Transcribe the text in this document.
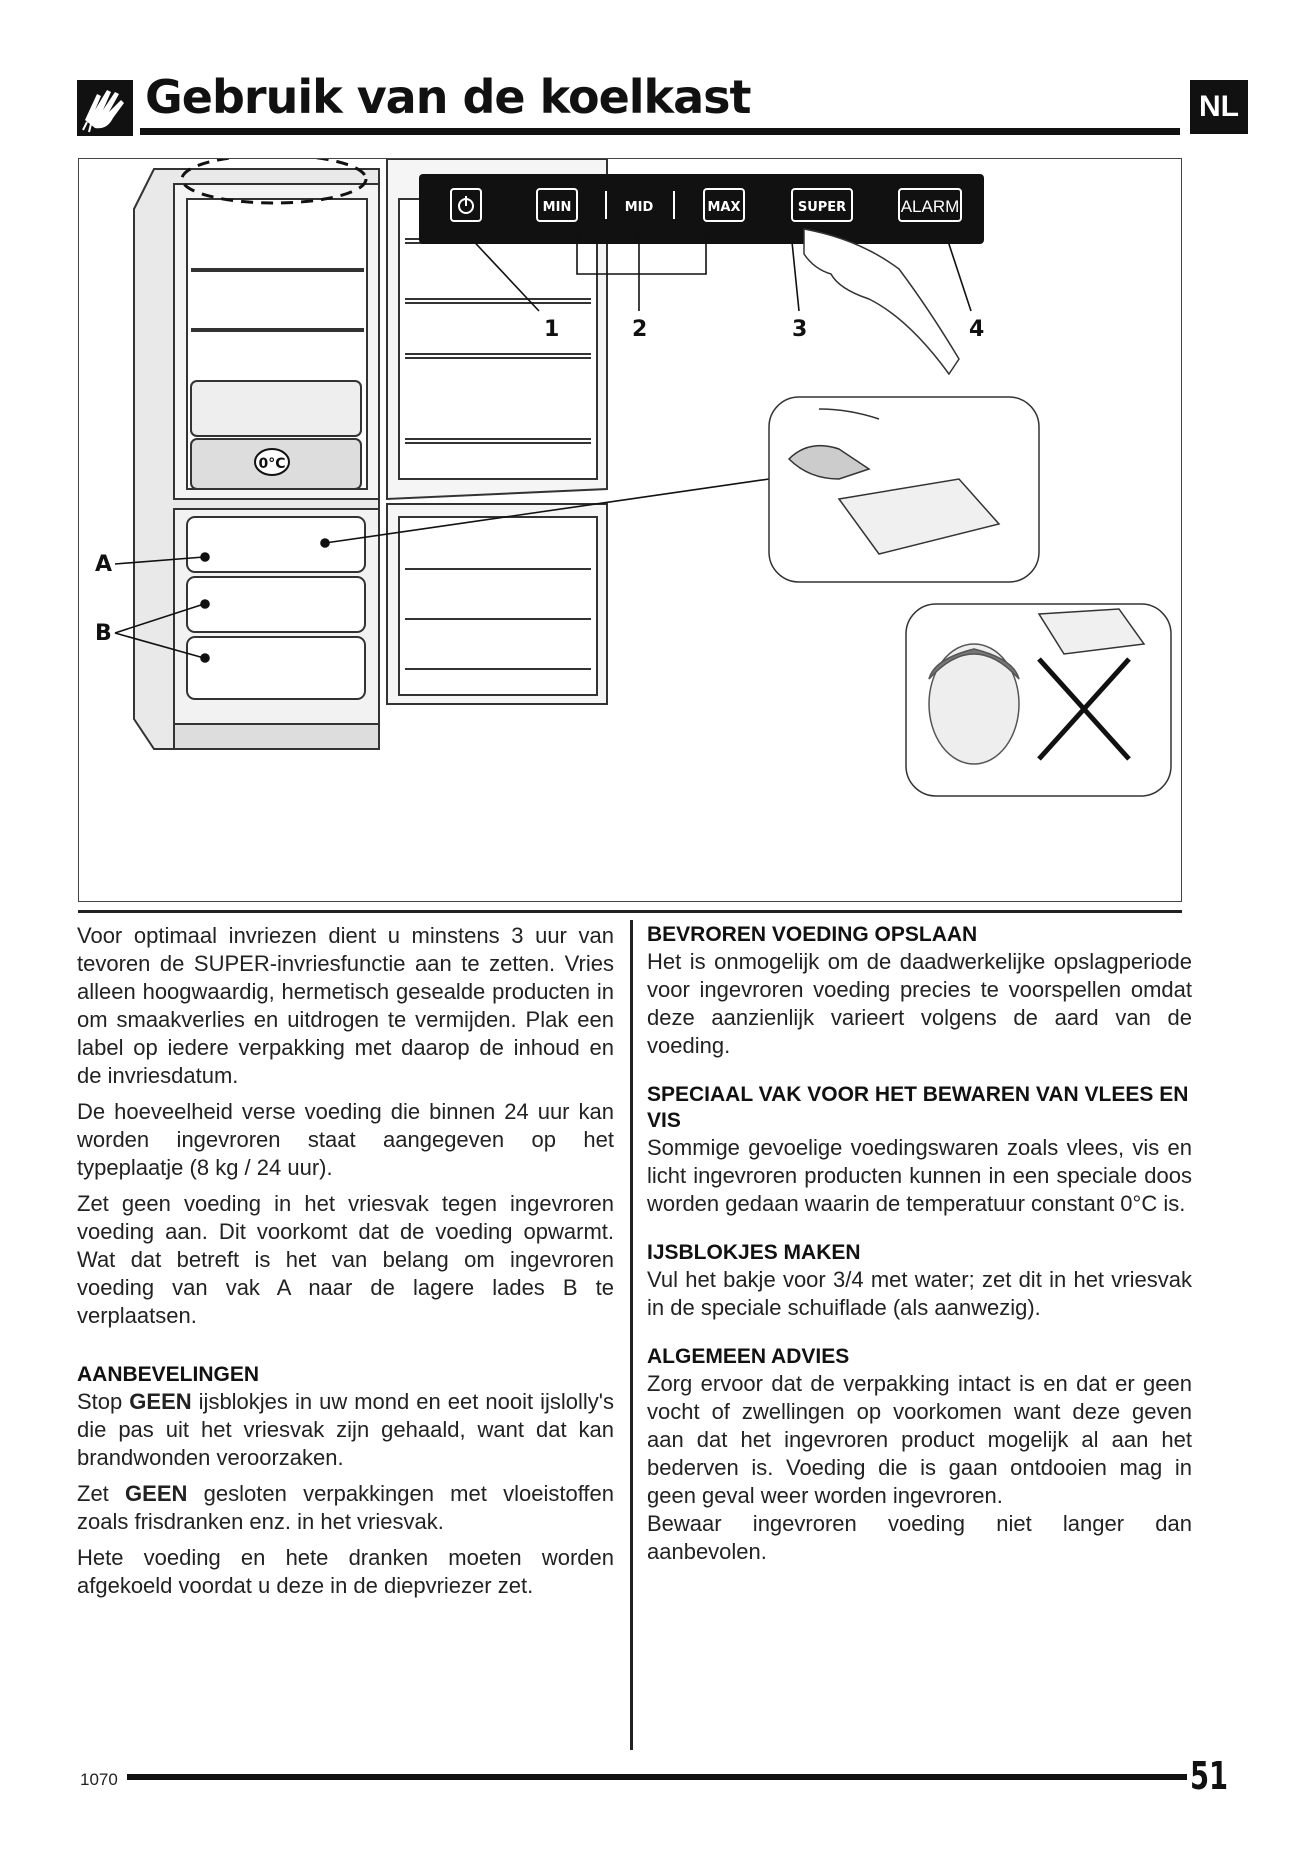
Gebruik van de koelkast	NL
MIN	MID	MAX	SUPER	ALARM
1	2	3	4
0°C
A
B

Voor optimaal invriezen dient u minstens 3 uur van tevoren de SUPER-invriesfunctie aan te zetten. Vries alleen hoogwaardig, hermetisch gesealde producten in om smaakverlies en uitdrogen te vermijden. Plak een label op iedere verpakking met daarop de inhoud en de invriesdatum.

De hoeveelheid verse voeding die binnen 24 uur kan worden ingevroren staat aangegeven op het typeplaatje (8 kg / 24 uur).

Zet geen voeding in het vriesvak tegen ingevroren voeding aan. Dit voorkomt dat de voeding opwarmt. Wat dat betreft is het van belang om ingevroren voeding van vak A naar de lagere lades B te verplaatsen.

AANBEVELINGEN

Stop GEEN ijsblokjes in uw mond en eet nooit ijslolly's die pas uit het vriesvak zijn gehaald, want dat kan brandwonden veroorzaken.

Zet GEEN gesloten verpakkingen met vloeistoffen zoals frisdranken enz. in het vriesvak.

Hete voeding en hete dranken moeten worden afgekoeld voordat u deze in de diepvriezer zet.

BEVROREN VOEDING OPSLAAN

Het is onmogelijk om de daadwerkelijke opslagperiode voor ingevroren voeding precies te voorspellen omdat deze aanzienlijk varieert volgens de aard van de voeding.

SPECIAAL VAK VOOR HET BEWAREN VAN VLEES EN VIS

Sommige gevoelige voedingswaren zoals vlees, vis en licht ingevroren producten kunnen in een speciale doos worden gedaan waarin de temperatuur constant 0°C is.

IJSBLOKJES MAKEN

Vul het bakje voor 3/4 met water; zet dit in het vriesvak in de speciale schuiflade (als aanwezig).

ALGEMEEN ADVIES

Zorg ervoor dat de verpakking intact is en dat er geen vocht of zwellingen op voorkomen want deze geven aan dat het ingevroren product mogelijk al aan het bederven is. Voeding die is gaan ontdooien mag in geen geval weer worden ingevroren.

Bewaar ingevroren voeding niet langer dan aanbevolen.

1070	51
